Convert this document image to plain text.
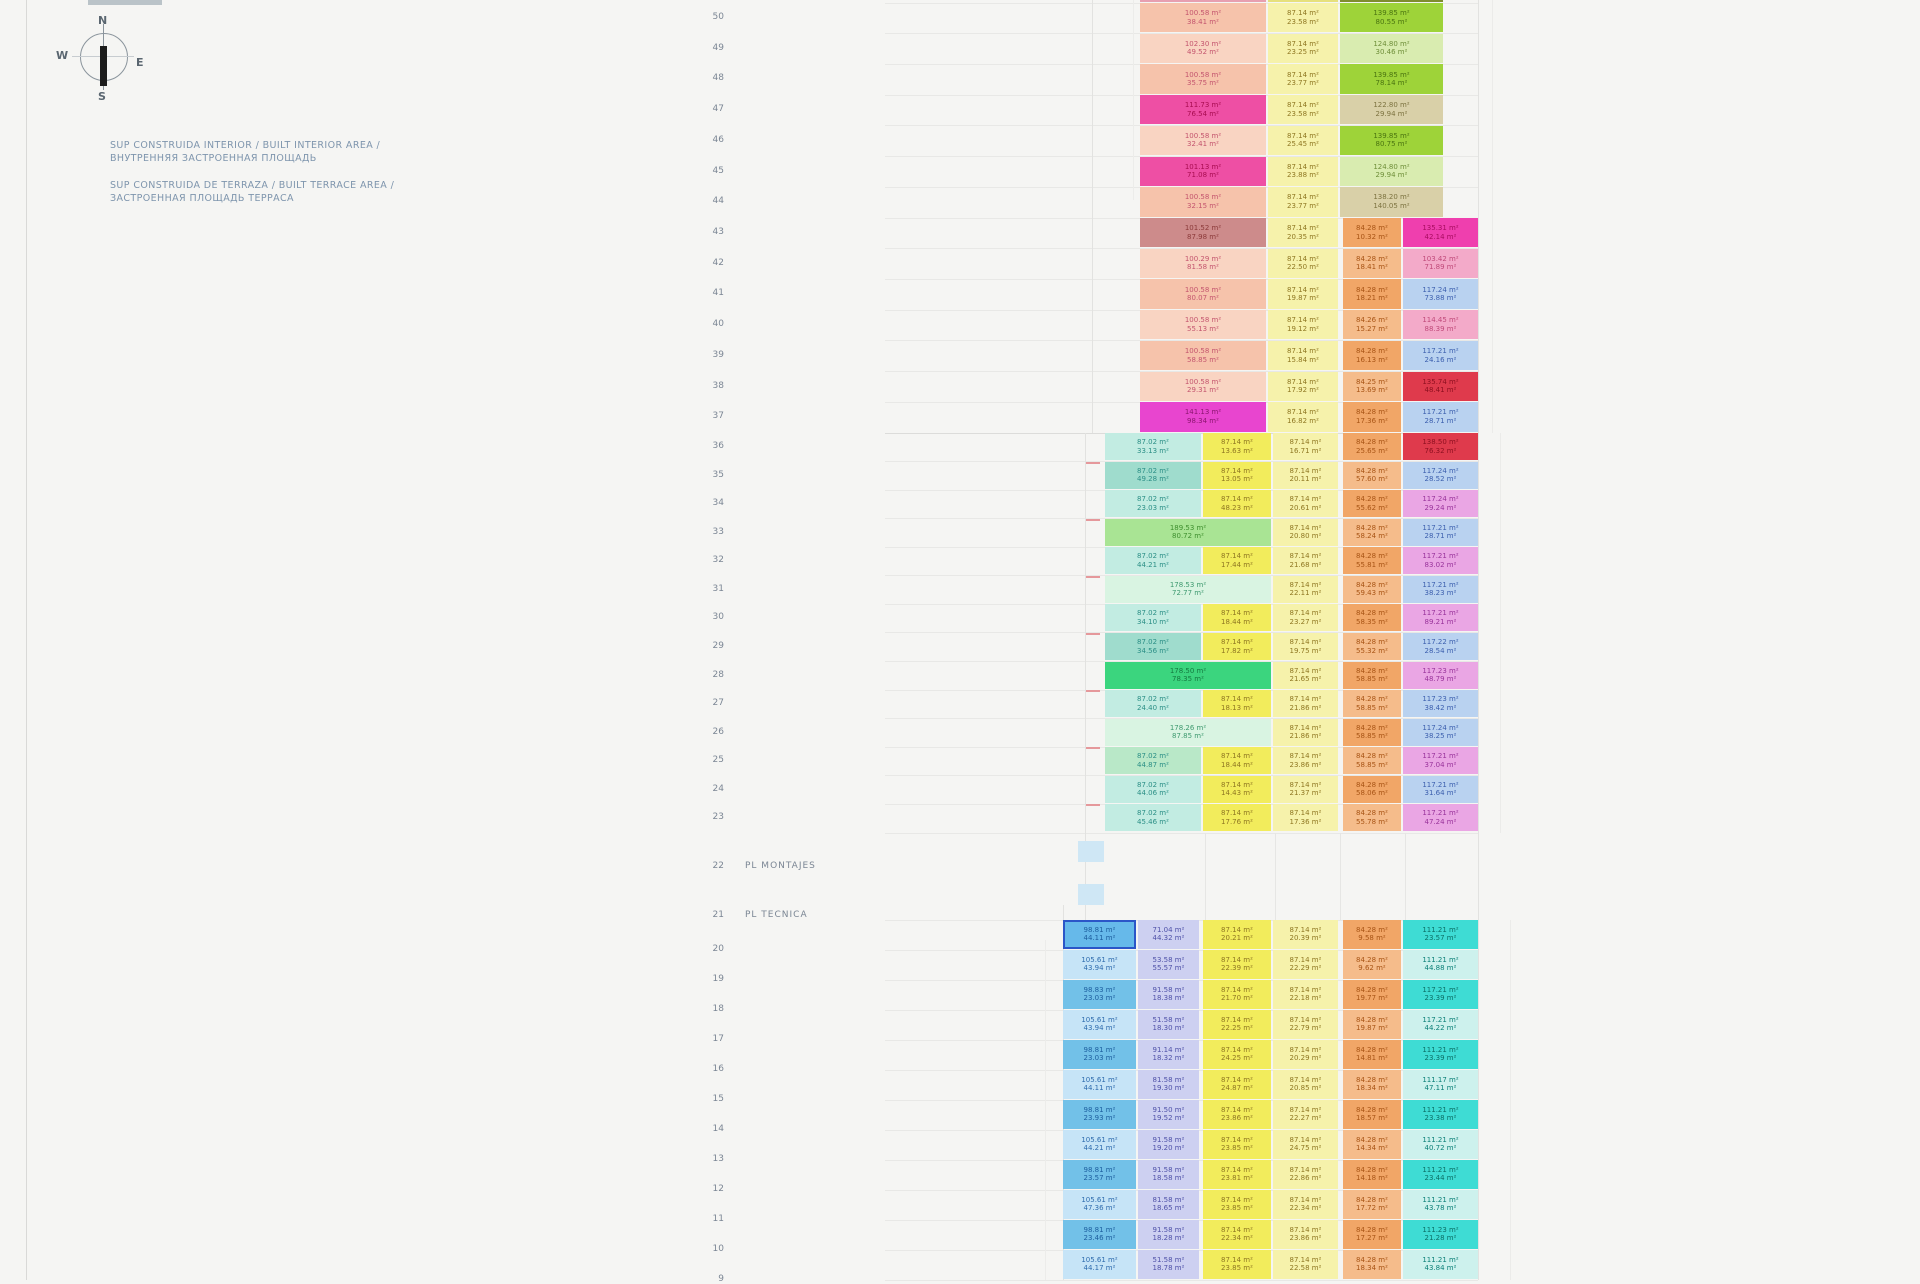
N
E
S
W
SUP CONSTRUIDA INTERIOR / BUILT INTERIOR AREA /
ВНУТРЕННЯЯ ЗАСТРОЕННАЯ ПЛОЩАДЬ
SUP CONSTRUIDA DE TERRAZA / BUILT TERRACE AREA /
ЗАСТРОЕННАЯ ПЛОЩАДЬ ТЕРРАСА
50
49
48
47
46
45
44
43
42
41
40
39
38
37
36
35
34
33
32
31
30
29
28
27
26
25
24
23
20
19
18
17
16
15
14
13
12
11
10
9
22 PL MONTAJES
21 PL TECNICA
100.58 m²
38.41 m²
87.14 m²
23.58 m²
139.85 m²
80.55 m²
102.30 m²
49.52 m²
87.14 m²
23.25 m²
124.80 m²
30.46 m²
100.58 m²
35.75 m²
87.14 m²
23.77 m²
139.85 m²
78.14 m²
111.73 m²
76.54 m²
87.14 m²
23.58 m²
122.80 m²
29.94 m²
100.58 m²
32.41 m²
87.14 m²
25.45 m²
139.85 m²
80.75 m²
101.13 m²
71.08 m²
87.14 m²
23.88 m²
124.80 m²
29.94 m²
100.58 m²
32.15 m²
87.14 m²
23.77 m²
138.20 m²
140.05 m²
101.52 m²
87.98 m²
87.14 m²
20.35 m²
84.28 m²
10.32 m²
135.31 m²
42.14 m²
100.29 m²
81.58 m²
87.14 m²
22.50 m²
84.28 m²
18.41 m²
103.42 m²
71.89 m²
100.58 m²
80.07 m²
87.14 m²
19.87 m²
84.28 m²
18.21 m²
117.24 m²
73.88 m²
100.58 m²
55.13 m²
87.14 m²
19.12 m²
84.26 m²
15.27 m²
114.45 m²
88.39 m²
100.58 m²
58.85 m²
87.14 m²
15.84 m²
84.28 m²
16.13 m²
117.21 m²
24.16 m²
100.58 m²
29.31 m²
87.14 m²
17.92 m²
84.25 m²
13.69 m²
135.74 m²
48.41 m²
141.13 m²
98.34 m²
87.14 m²
16.82 m²
84.28 m²
17.36 m²
117.21 m²
28.71 m²
87.02 m²
33.13 m²
87.14 m²
13.63 m²
87.14 m²
16.71 m²
84.28 m²
25.65 m²
138.50 m²
76.32 m²
87.02 m²
49.28 m²
87.14 m²
13.05 m²
87.14 m²
20.11 m²
84.28 m²
57.60 m²
117.24 m²
28.52 m²
87.02 m²
23.03 m²
87.14 m²
48.23 m²
87.14 m²
20.61 m²
84.28 m²
55.62 m²
117.24 m²
29.24 m²
189.53 m²
80.72 m²
87.14 m²
20.80 m²
84.28 m²
58.24 m²
117.21 m²
28.71 m²
87.02 m²
44.21 m²
87.14 m²
17.44 m²
87.14 m²
21.68 m²
84.28 m²
55.81 m²
117.21 m²
83.02 m²
178.53 m²
72.77 m²
87.14 m²
22.11 m²
84.28 m²
59.43 m²
117.21 m²
38.23 m²
87.02 m²
34.10 m²
87.14 m²
18.44 m²
87.14 m²
23.27 m²
84.28 m²
58.35 m²
117.21 m²
89.21 m²
87.02 m²
34.56 m²
87.14 m²
17.82 m²
87.14 m²
19.75 m²
84.28 m²
55.32 m²
117.22 m²
28.54 m²
178.50 m²
78.35 m²
87.14 m²
21.65 m²
84.28 m²
58.85 m²
117.23 m²
48.79 m²
87.02 m²
24.40 m²
87.14 m²
18.13 m²
87.14 m²
21.86 m²
84.28 m²
58.85 m²
117.23 m²
38.42 m²
178.26 m²
87.85 m²
87.14 m²
21.86 m²
84.28 m²
58.85 m²
117.24 m²
38.25 m²
87.02 m²
44.87 m²
87.14 m²
18.44 m²
87.14 m²
23.86 m²
84.28 m²
58.85 m²
117.21 m²
37.04 m²
87.02 m²
44.06 m²
87.14 m²
14.43 m²
87.14 m²
21.37 m²
84.28 m²
58.06 m²
117.21 m²
31.64 m²
87.02 m²
45.46 m²
87.14 m²
17.76 m²
87.14 m²
17.36 m²
84.28 m²
55.78 m²
117.21 m²
47.24 m²
98.81 m²
44.11 m²
71.04 m²
44.32 m²
87.14 m²
20.21 m²
87.14 m²
20.39 m²
84.28 m²
9.58 m²
111.21 m²
23.57 m²
105.61 m²
43.94 m²
53.58 m²
55.57 m²
87.14 m²
22.39 m²
87.14 m²
22.29 m²
84.28 m²
9.62 m²
111.21 m²
44.88 m²
98.83 m²
23.03 m²
91.58 m²
18.38 m²
87.14 m²
21.70 m²
87.14 m²
22.18 m²
84.28 m²
19.77 m²
117.21 m²
23.39 m²
105.61 m²
43.94 m²
51.58 m²
18.30 m²
87.14 m²
22.25 m²
87.14 m²
22.79 m²
84.28 m²
19.87 m²
117.21 m²
44.22 m²
98.81 m²
23.03 m²
91.14 m²
18.32 m²
87.14 m²
24.25 m²
87.14 m²
20.29 m²
84.28 m²
14.81 m²
111.21 m²
23.39 m²
105.61 m²
44.11 m²
81.58 m²
19.30 m²
87.14 m²
24.87 m²
87.14 m²
20.85 m²
84.28 m²
18.34 m²
111.17 m²
47.11 m²
98.81 m²
23.93 m²
91.50 m²
19.52 m²
87.14 m²
23.86 m²
87.14 m²
22.27 m²
84.28 m²
18.57 m²
111.21 m²
23.38 m²
105.61 m²
44.21 m²
91.58 m²
19.20 m²
87.14 m²
23.85 m²
87.14 m²
24.75 m²
84.28 m²
14.34 m²
111.21 m²
40.72 m²
98.81 m²
23.57 m²
91.58 m²
18.58 m²
87.14 m²
23.81 m²
87.14 m²
22.86 m²
84.28 m²
14.18 m²
111.21 m²
23.44 m²
105.61 m²
47.36 m²
81.58 m²
18.65 m²
87.14 m²
23.85 m²
87.14 m²
22.34 m²
84.28 m²
17.72 m²
111.21 m²
43.78 m²
98.81 m²
23.46 m²
91.58 m²
18.28 m²
87.14 m²
22.34 m²
87.14 m²
23.86 m²
84.28 m²
17.27 m²
111.23 m²
21.28 m²
105.61 m²
44.17 m²
51.58 m²
18.78 m²
87.14 m²
23.85 m²
87.14 m²
22.58 m²
84.28 m²
18.34 m²
111.21 m²
43.84 m²
